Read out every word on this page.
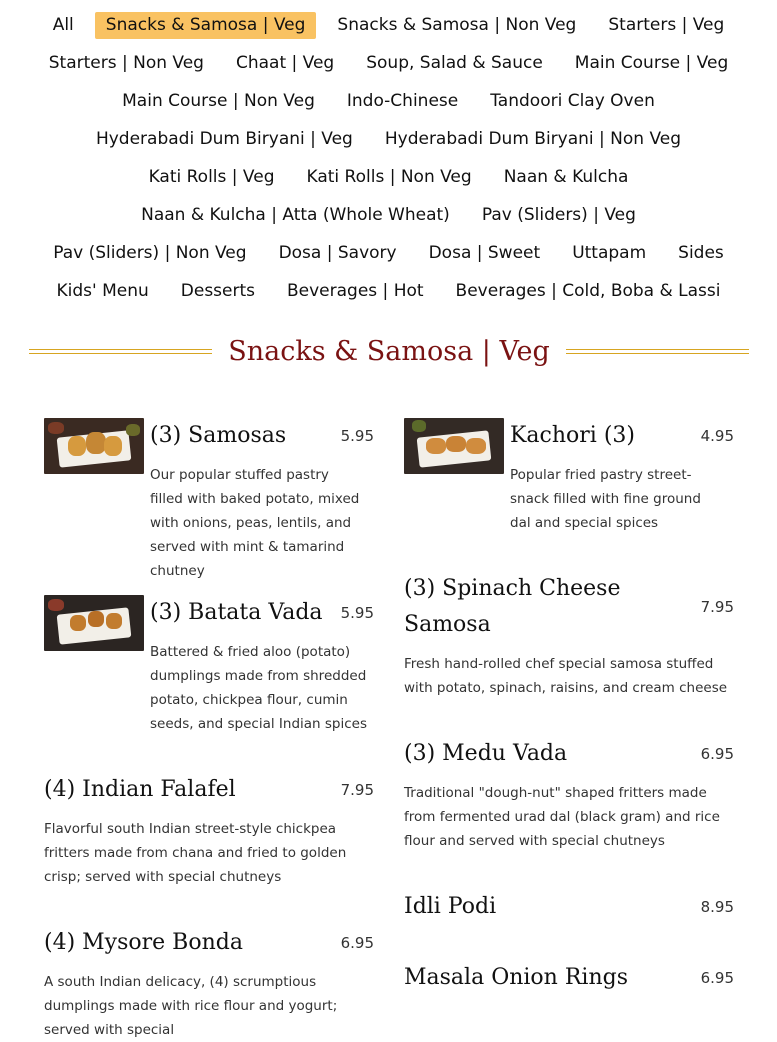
All	Snacks & Samosa | Veg	Snacks & Samosa | Non Veg	Starters | Veg
Starters | Non Veg	Chaat | Veg	Soup, Salad & Sauce	Main Course | Veg
Main Course | Non Veg	Indo-Chinese	Tandoori Clay Oven
Hyderabadi Dum Biryani | Veg	Hyderabadi Dum Biryani | Non Veg
Kati Rolls | Veg	Kati Rolls | Non Veg	Naan & Kulcha
Naan & Kulcha | Atta (Whole Wheat)	Pav (Sliders) | Veg
Pav (Sliders) | Non Veg	Dosa | Savory	Dosa | Sweet	Uttapam	Sides
Kids' Menu	Desserts	Beverages | Hot	Beverages | Cold, Boba & Lassi
Snacks & Samosa | Veg
(3) Samosas	5.95
Our popular stuffed pastry filled with baked potato, mixed with onions, peas, lentils, and served with mint & tamarind chutney
(3) Batata Vada	5.95
Battered & fried aloo (potato) dumplings made from shredded potato, chickpea flour, cumin seeds, and special Indian spices
(4) Indian Falafel	7.95
Flavorful south Indian street-style chickpea fritters made from chana and fried to golden crisp; served with special chutneys
(4) Mysore Bonda	6.95
A south Indian delicacy, (4) scrumptious dumplings made with rice flour and yogurt; served with special
Kachori (3)	4.95
Popular fried pastry street-snack filled with fine ground dal and special spices
(3) Spinach Cheese
Samosa
7.95
Fresh hand-rolled chef special samosa stuffed with potato, spinach, raisins, and cream cheese
(3) Medu Vada	6.95
Traditional "dough-nut" shaped fritters made from fermented urad dal (black gram) and rice flour and served with special chutneys
Idli Podi	8.95
Masala Onion Rings	6.95
